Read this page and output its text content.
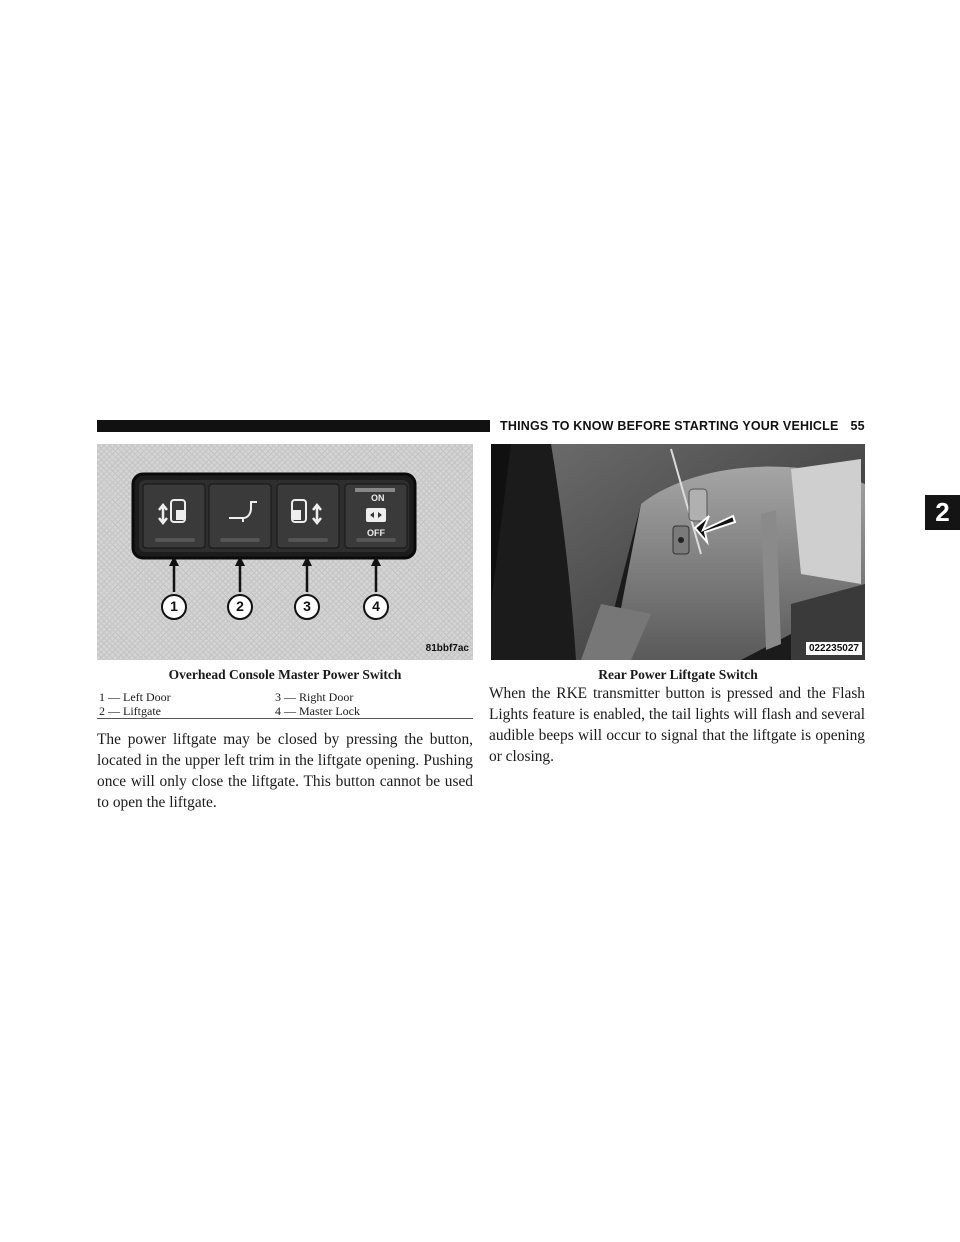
THINGS TO KNOW BEFORE STARTING YOUR VEHICLE 55
2
ON
OFF
1	2	3	4
81bbf7ac
Overhead Console Master Power Switch
1 — Left Door	3 — Right Door
2 — Liftgate	4 — Master Lock

The power liftgate may be closed by pressing the button, located in the upper left trim in the liftgate opening. Pushing once will only close the liftgate. This button cannot be used to open the liftgate.

022235027
Rear Power Liftgate Switch

When the RKE transmitter button is pressed and the Flash Lights feature is enabled, the tail lights will flash and several audible beeps will occur to signal that the liftgate is opening or closing.
